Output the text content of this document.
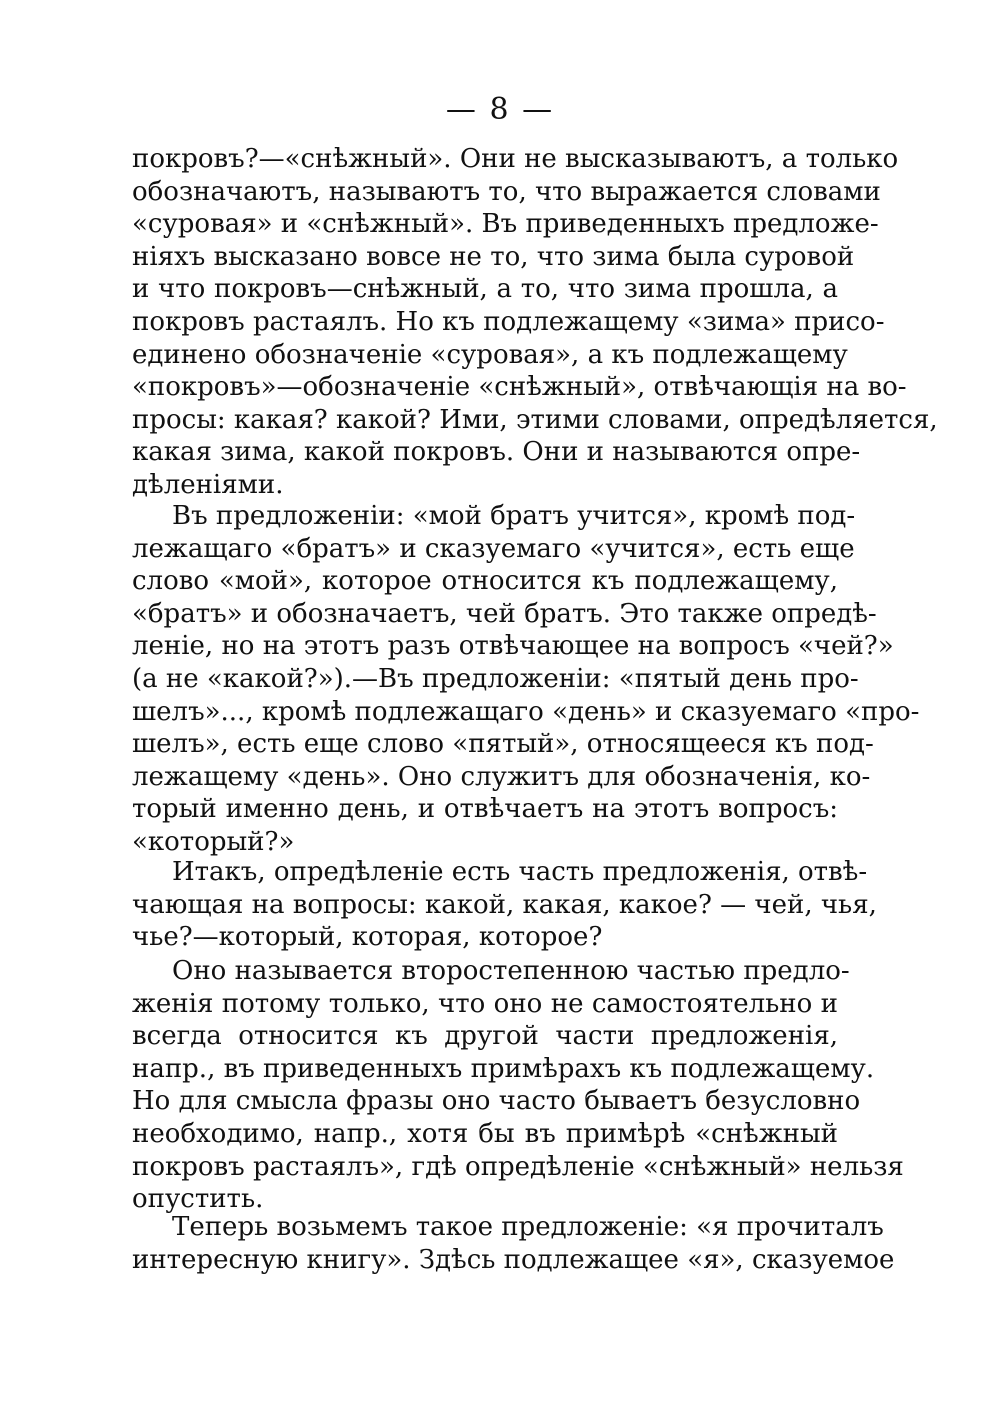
— 8 —
покровъ?—«снѣжный». Они не высказываютъ, а только
обозначаютъ, называютъ то, что выражается словами
«суровая» и «снѣжный». Въ приведенныхъ предложе-
ніяхъ высказано вовсе не то, что зима была суровой
и что покровъ—снѣжный, а то, что зима прошла, а
покровъ растаялъ. Но къ подлежащему «зима» присо-
единено обозначеніе «суровая», а къ подлежащему
«покровъ»—обозначеніе «снѣжный», отвѣчающія на во-
просы: какая? какой? Ими, этими словами, опредѣляется,
какая зима, какой покровъ. Они и называются опре-
дѣленіями.
Въ предложеніи: «мой братъ учится», кромѣ под-
лежащаго «братъ» и сказуемаго «учится», есть еще
слово «мой», которое относится къ подлежащему,
«братъ» и обозначаетъ, чей братъ. Это также опредѣ-
леніе, но на этотъ разъ отвѣчающее на вопросъ «чей?»
(а не «какой?»).—Въ предложеніи: «пятый день про-
шелъ»..., кромѣ подлежащаго «день» и сказуемаго «про-
шелъ», есть еще слово «пятый», относящееся къ под-
лежащему «день». Оно служитъ для обозначенія, ко-
торый именно день, и отвѣчаетъ на этотъ вопросъ:
«который?»
Итакъ, опредѣленіе есть часть предложенія, отвѣ-
чающая на вопросы: какой, какая, какое? — чей, чья,
чье?—который, которая, которое?
Оно называется второстепенною частью предло-
женія потому только, что оно не самостоятельно и
всегда относится къ другой части предложенія,
напр., въ приведенныхъ примѣрахъ къ подлежащему.
Но для смысла фразы оно часто бываетъ безусловно
необходимо, напр., хотя бы въ примѣрѣ «снѣжный
покровъ растаялъ», гдѣ опредѣленіе «снѣжный» нельзя
опустить.
Теперь возьмемъ такое предложеніе: «я прочиталъ
интересную книгу». Здѣсь подлежащее «я», сказуемое
